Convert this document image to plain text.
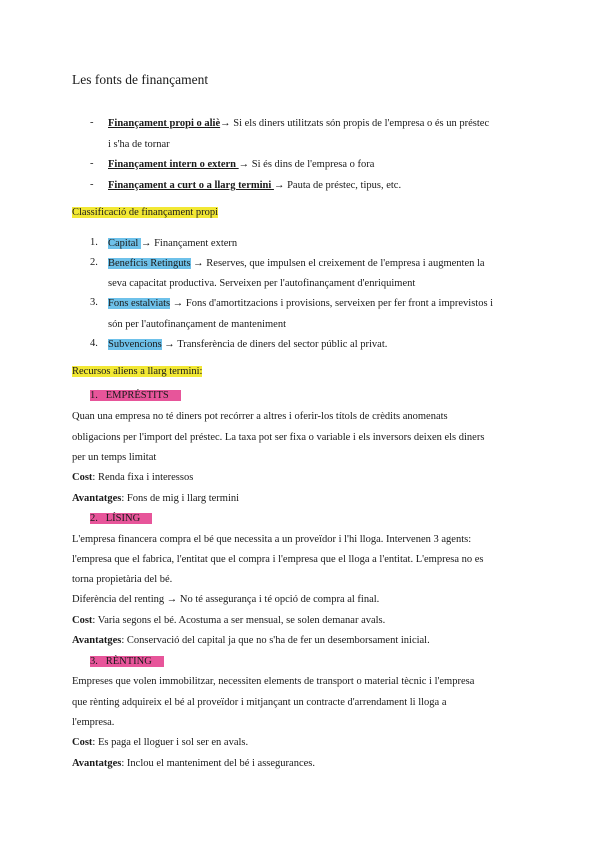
Les fonts de finançament
- Finançament propi o aliè→ Si els diners utilitzats són propis de l'empresa o és un préstec
i s'ha de tornar
- Finançament intern o extern → Si és dins de l'empresa o fora
- Finançament a curt o a llarg termini → Pauta de préstec, tipus, etc.
Classificació de finançament propi
1. Capital → Finançament extern
2. Beneficis Retinguts → Reserves, que impulsen el creixement de l'empresa i augmenten la
seva capacitat productiva. Serveixen per l'autofinançament d'enriquiment
3. Fons estalviats → Fons d'amortitzacions i provisions, serveixen per fer front a imprevistos i
són per l'autofinançament de manteniment
4. Subvencions → Transferència de diners del sector públic al privat.
Recursos aliens a llarg termini:
1. EMPRÉSTITS
Quan una empresa no té diners pot recórrer a altres i oferir-los títols de crèdits anomenats
obligacions per l'import del préstec. La taxa pot ser fixa o variable i els inversors deixen els diners
per un temps limitat
Cost: Renda fixa i interessos
Avantatges: Fons de mig i llarg termini
2. LÍSING
L'empresa financera compra el bé que necessita a un proveïdor i l'hi lloga. Intervenen 3 agents:
l'empresa que el fabrica, l'entitat que el compra i l'empresa que el lloga a l'entitat. L'empresa no es
torna propietària del bé.
Diferència del renting → No té assegurança i té opció de compra al final.
Cost: Varia segons el bé. Acostuma a ser mensual, se solen demanar avals.
Avantatges: Conservació del capital ja que no s'ha de fer un desemborsament inicial.
3. RÈNTING
Empreses que volen immobilitzar, necessiten elements de transport o material tècnic i l'empresa
que rènting adquireix el bé al proveïdor i mitjançant un contracte d'arrendament li lloga a
l'empresa.
Cost: Es paga el lloguer i sol ser en avals.
Avantatges: Inclou el manteniment del bé i assegurances.
